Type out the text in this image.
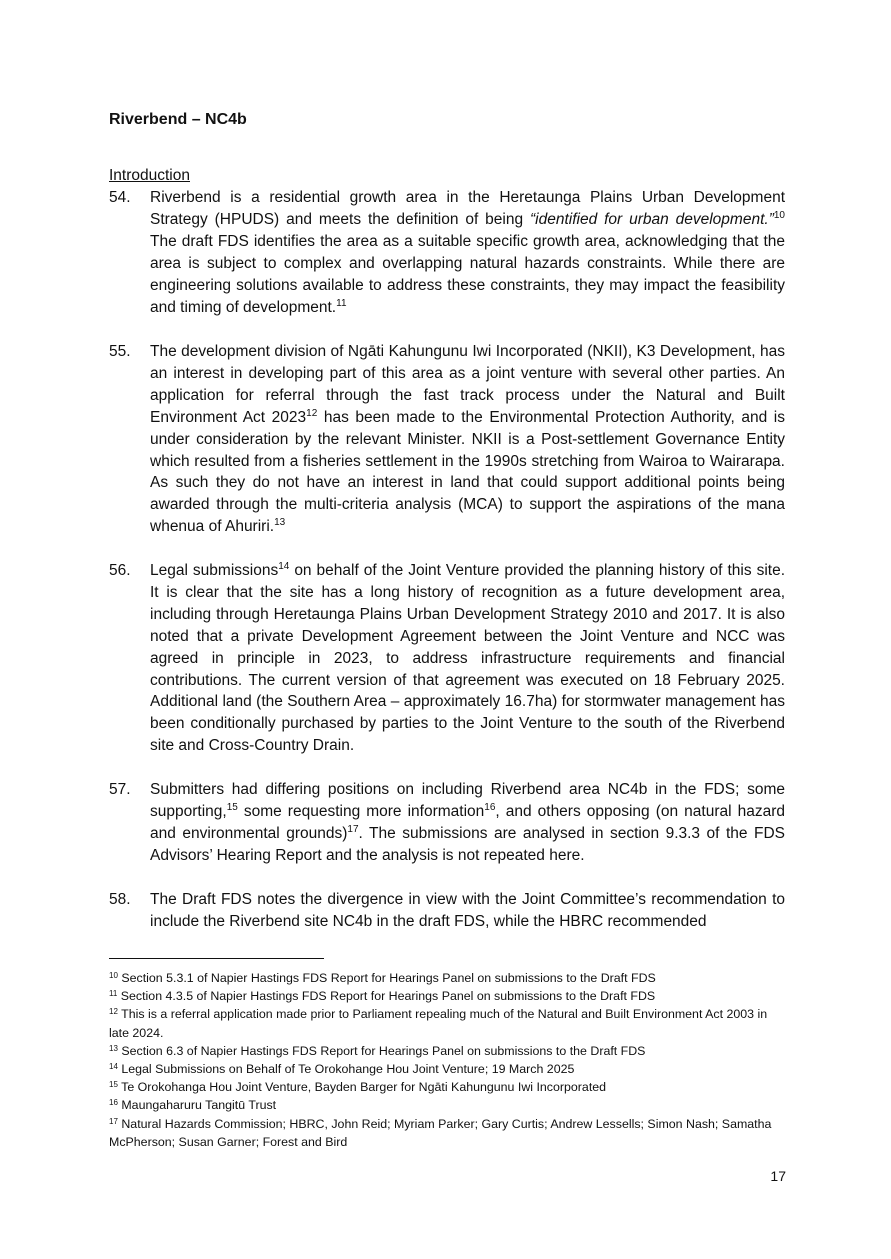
Riverbend – NC4b
Introduction
54.	Riverbend is a residential growth area in the Heretaunga Plains Urban Development Strategy (HPUDS) and meets the definition of being “identified for urban development.”$^{10}$ The draft FDS identifies the area as a suitable specific growth area, acknowledging that the area is subject to complex and overlapping natural hazards constraints. While there are engineering solutions available to address these constraints, they may impact the feasibility and timing of development.$^{11}$
55.	The development division of Ngāti Kahungunu Iwi Incorporated (NKII), K3 Development, has an interest in developing part of this area as a joint venture with several other parties. An application for referral through the fast track process under the Natural and Built Environment Act 2023$^{12}$ has been made to the Environmental Protection Authority, and is under consideration by the relevant Minister. NKII is a Post-settlement Governance Entity which resulted from a fisheries settlement in the 1990s stretching from Wairoa to Wairarapa. As such they do not have an interest in land that could support additional points being awarded through the multi-criteria analysis (MCA) to support the aspirations of the mana whenua of Ahuriri.$^{13}$
56.	Legal submissions$^{14}$ on behalf of the Joint Venture provided the planning history of this site. It is clear that the site has a long history of recognition as a future development area, including through Heretaunga Plains Urban Development Strategy 2010 and 2017. It is also noted that a private Development Agreement between the Joint Venture and NCC was agreed in principle in 2023, to address infrastructure requirements and financial contributions. The current version of that agreement was executed on 18 February 2025. Additional land (the Southern Area – approximately 16.7ha) for stormwater management has been conditionally purchased by parties to the Joint Venture to the south of the Riverbend site and Cross-Country Drain.
57.	Submitters had differing positions on including Riverbend area NC4b in the FDS; some supporting,$^{15}$ some requesting more information$^{16}$, and others opposing (on natural hazard and environmental grounds)$^{17}$. The submissions are analysed in section 9.3.3 of the FDS Advisors’ Hearing Report and the analysis is not repeated here.
58.	The Draft FDS notes the divergence in view with the Joint Committee’s recommendation to include the Riverbend site NC4b in the draft FDS, while the HBRC recommended
$^{10}$ Section 5.3.1 of Napier Hastings FDS Report for Hearings Panel on submissions to the Draft FDS
$^{11}$ Section 4.3.5 of Napier Hastings FDS Report for Hearings Panel on submissions to the Draft FDS
$^{12}$ This is a referral application made prior to Parliament repealing much of the Natural and Built Environment Act 2003 in late 2024.
$^{13}$ Section 6.3 of Napier Hastings FDS Report for Hearings Panel on submissions to the Draft FDS
$^{14}$ Legal Submissions on Behalf of Te Orokohange Hou Joint Venture; 19 March 2025
$^{15}$ Te Orokohanga Hou Joint Venture, Bayden Barger for Ngāti Kahungunu Iwi Incorporated
$^{16}$ Maungaharuru Tangitū Trust
$^{17}$ Natural Hazards Commission; HBRC, John Reid; Myriam Parker; Gary Curtis; Andrew Lessells; Simon Nash; Samatha McPherson; Susan Garner; Forest and Bird
17
